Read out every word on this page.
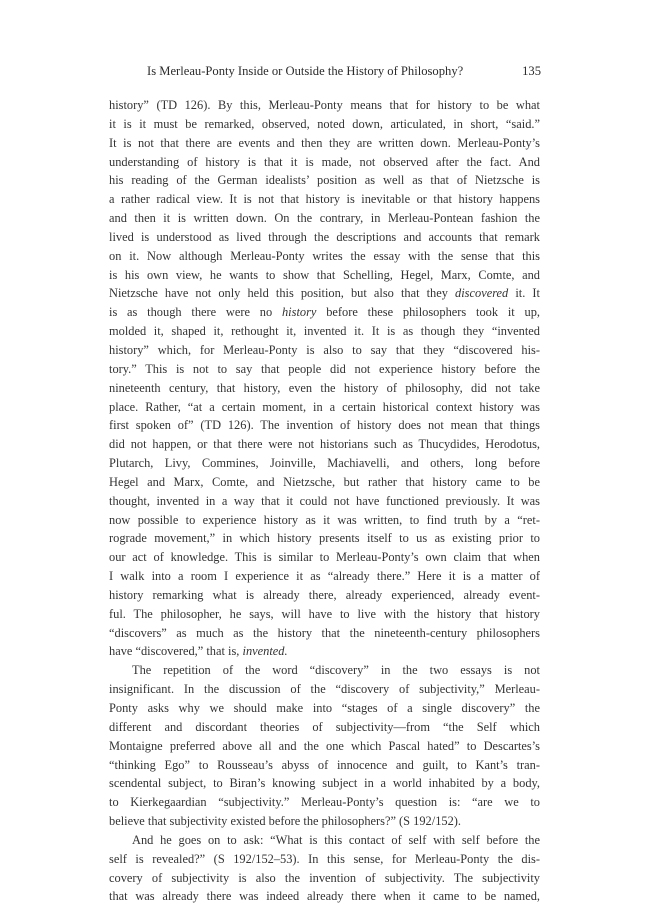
Is Merleau-Ponty Inside or Outside the History of Philosophy?	135
history” (TD 126). By this, Merleau-Ponty means that for history to be what
it is it must be remarked, observed, noted down, articulated, in short, “said.”
It is not that there are events and then they are written down. Merleau-Ponty’s
understanding of history is that it is made, not observed after the fact. And
his reading of the German idealists’ position as well as that of Nietzsche is
a rather radical view. It is not that history is inevitable or that history happens
and then it is written down. On the contrary, in Merleau-Pontean fashion the
lived is understood as lived through the descriptions and accounts that remark
on it. Now although Merleau-Ponty writes the essay with the sense that this
is his own view, he wants to show that Schelling, Hegel, Marx, Comte, and
Nietzsche have not only held this position, but also that they discovered it. It
is as though there were no history before these philosophers took it up,
molded it, shaped it, rethought it, invented it. It is as though they “invented
history” which, for Merleau-Ponty is also to say that they “discovered his-
tory.” This is not to say that people did not experience history before the
nineteenth century, that history, even the history of philosophy, did not take
place. Rather, “at a certain moment, in a certain historical context history was
first spoken of” (TD 126). The invention of history does not mean that things
did not happen, or that there were not historians such as Thucydides, Herodotus,
Plutarch, Livy, Commines, Joinville, Machiavelli, and others, long before
Hegel and Marx, Comte, and Nietzsche, but rather that history came to be
thought, invented in a way that it could not have functioned previously. It was
now possible to experience history as it was written, to find truth by a “ret-
rograde movement,” in which history presents itself to us as existing prior to
our act of knowledge. This is similar to Merleau-Ponty’s own claim that when
I walk into a room I experience it as “already there.” Here it is a matter of
history remarking what is already there, already experienced, already event-
ful. The philosopher, he says, will have to live with the history that history
“discovers” as much as the history that the nineteenth-century philosophers
have “discovered,” that is, invented.
The repetition of the word “discovery” in the two essays is not
insignificant. In the discussion of the “discovery of subjectivity,” Merleau-
Ponty asks why we should make into “stages of a single discovery” the
different and discordant theories of subjectivity—from “the Self which
Montaigne preferred above all and the one which Pascal hated” to Descartes’s
“thinking Ego” to Rousseau’s abyss of innocence and guilt, to Kant’s tran-
scendental subject, to Biran’s knowing subject in a world inhabited by a body,
to Kierkegaardian “subjectivity.” Merleau-Ponty’s question is: “are we to
believe that subjectivity existed before the philosophers?” (S 192/152).
And he goes on to ask: “What is this contact of self with self before the
self is revealed?” (S 192/152–53). In this sense, for Merleau-Ponty the dis-
covery of subjectivity is also the invention of subjectivity. The subjectivity
that was already there was indeed already there when it came to be named,
